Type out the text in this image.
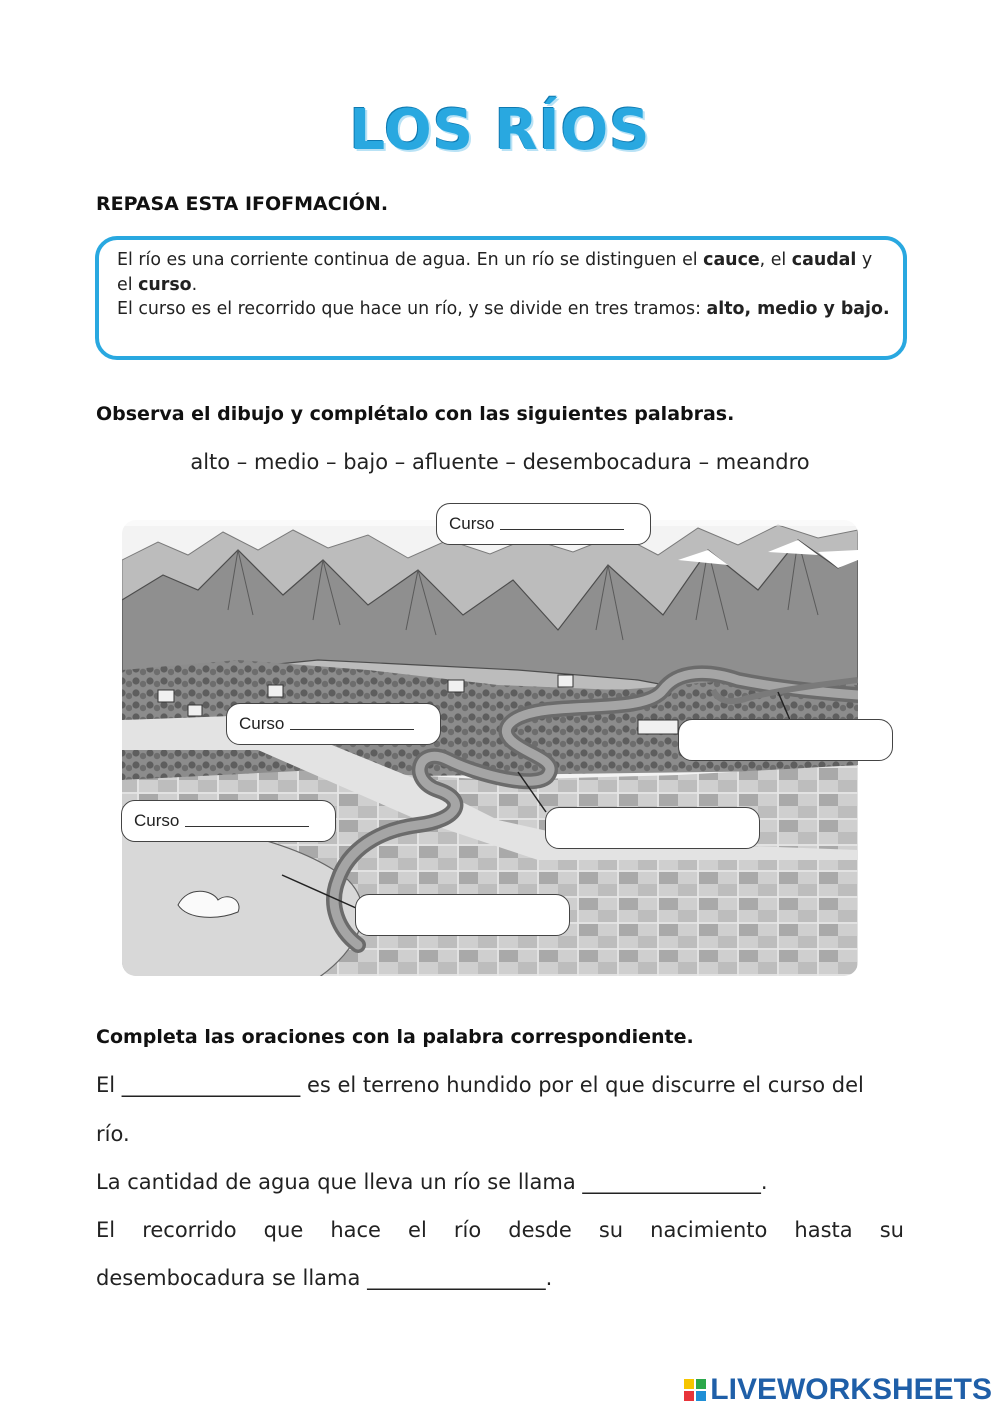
LOS RÍOS
REPASA ESTA IFOFMACIÓN.
El río es una corriente continua de agua. En un río se distinguen el cauce, el caudal y el curso.
El curso es el recorrido que hace un río, y se divide en tres tramos: alto, medio y bajo.
Observa el dibujo y complétalo con las siguientes palabras.
alto – medio – bajo – afluente – desembocadura – meandro
Curso
Curso
Curso
Completa las oraciones con la palabra correspondiente.
El _________________ es el terreno hundido por el que discurre el curso del
río.
La cantidad de agua que lleva un río se llama _________________.
El recorrido que hace el río desde su nacimiento hasta su
desembocadura se llama _________________.
LIVEWORKSHEETS
